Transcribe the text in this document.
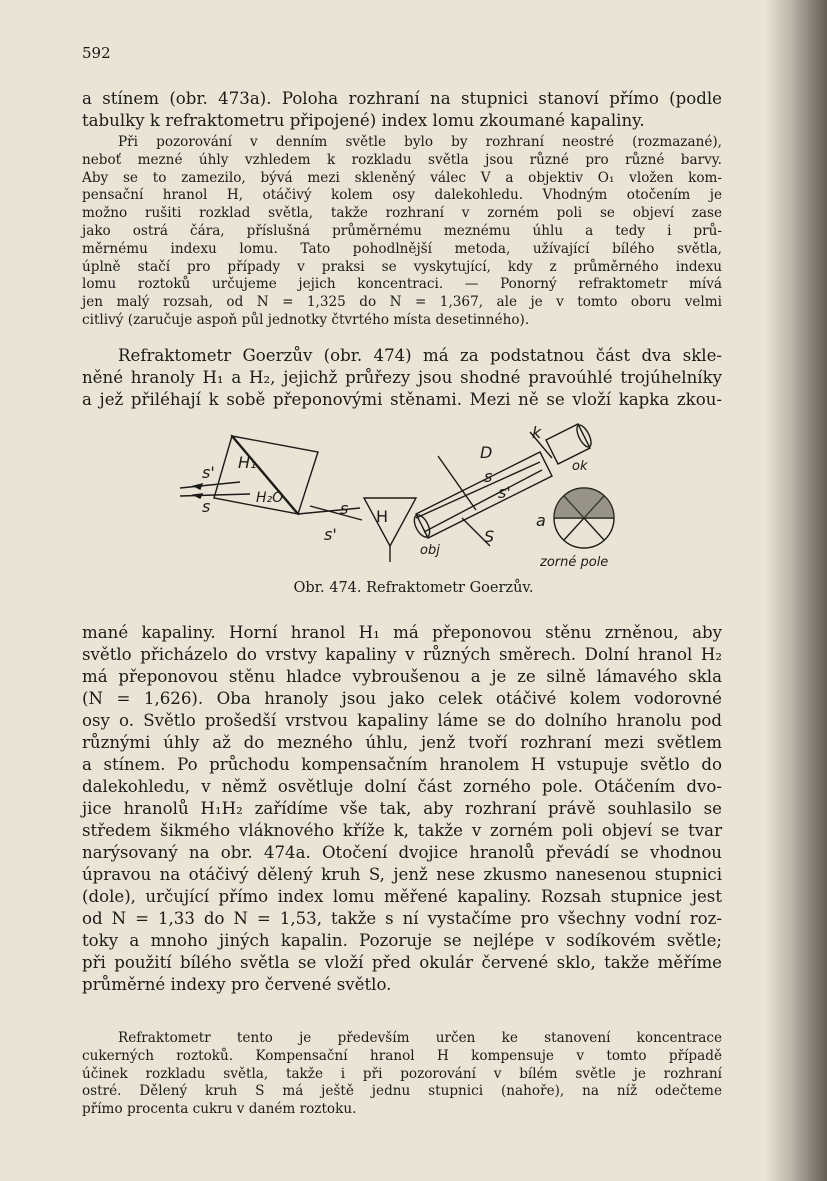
592
a stínem (obr. 473a). Poloha rozhraní na stupnici stanoví přímo (podle
tabulky k refraktometru připojené) index lomu zkoumané kapaliny.
Při pozorování v denním světle bylo by rozhraní neostré (rozmazané),
neboť mezné úhly vzhledem k rozkladu světla jsou různé pro různé barvy.
Aby se to zamezilo, bývá mezi skleněný válec V a objektiv O₁ vložen kom-
pensační hranol H, otáčivý kolem osy dalekohledu. Vhodným otočením je
možno rušiti rozklad světla, takže rozhraní v zorném poli se objeví zase
jako ostrá čára, příslušná průměrnému meznému úhlu a tedy i prů-
měrnému indexu lomu. Tato pohodlnější metoda, užívající bílého světla,
úplně stačí pro případy v praksi se vyskytující, kdy z průměrného indexu
lomu roztoků určujeme jejich koncentraci. — Ponorný refraktometr mívá
jen malý rozsah, od N = 1,325 do N = 1,367, ale je v tomto oboru velmi
citlivý (zaručuje aspoň půl jednotky čtvrtého místa desetinného).
Refraktometr Goerzův (obr. 474) má za podstatnou část dva skle-
něné hranoly H₁ a H₂, jejichž průřezy jsou shodné pravoúhlé trojúhelníky
a jež přiléhají k sobě přeponovými stěnami. Mezi ně se vloží kapka zkou-
s'
s
H₁
H₂O
s
s'
H
D
k
ok
s
s'
obj
S
a
zorné pole
Obr. 474. Refraktometr Goerzův.
mané kapaliny. Horní hranol H₁ má přeponovou stěnu zrněnou, aby
světlo přicházelo do vrstvy kapaliny v různých směrech. Dolní hranol H₂
má přeponovou stěnu hladce vybroušenou a je ze silně lámavého skla
(N = 1,626). Oba hranoly jsou jako celek otáčivé kolem vodorovné
osy o. Světlo prošedší vrstvou kapaliny láme se do dolního hranolu pod
různými úhly až do mezného úhlu, jenž tvoří rozhraní mezi světlem
a stínem. Po průchodu kompensačním hranolem H vstupuje světlo do
dalekohledu, v němž osvětluje dolní část zorného pole. Otáčením dvo-
jice hranolů H₁H₂ zařídíme vše tak, aby rozhraní právě souhlasilo se
středem šikmého vláknového kříže k, takže v zorném poli objeví se tvar
narýsovaný na obr. 474a. Otočení dvojice hranolů převádí se vhodnou
úpravou na otáčivý dělený kruh S, jenž nese zkusmo nanesenou stupnici
(dole), určující přímo index lomu měřené kapaliny. Rozsah stupnice jest
od N = 1,33 do N = 1,53, takže s ní vystačíme pro všechny vodní roz-
toky a mnoho jiných kapalin. Pozoruje se nejlépe v sodíkovém světle;
při použití bílého světla se vloží před okulár červené sklo, takže měříme
průměrné indexy pro červené světlo.
Refraktometr tento je především určen ke stanovení koncentrace
cukerných roztoků. Kompensační hranol H kompensuje v tomto případě
účinek rozkladu světla, takže i při pozorování v bílém světle je rozhraní
ostré. Dělený kruh S má ještě jednu stupnici (nahoře), na níž odečteme
přímo procenta cukru v daném roztoku.
